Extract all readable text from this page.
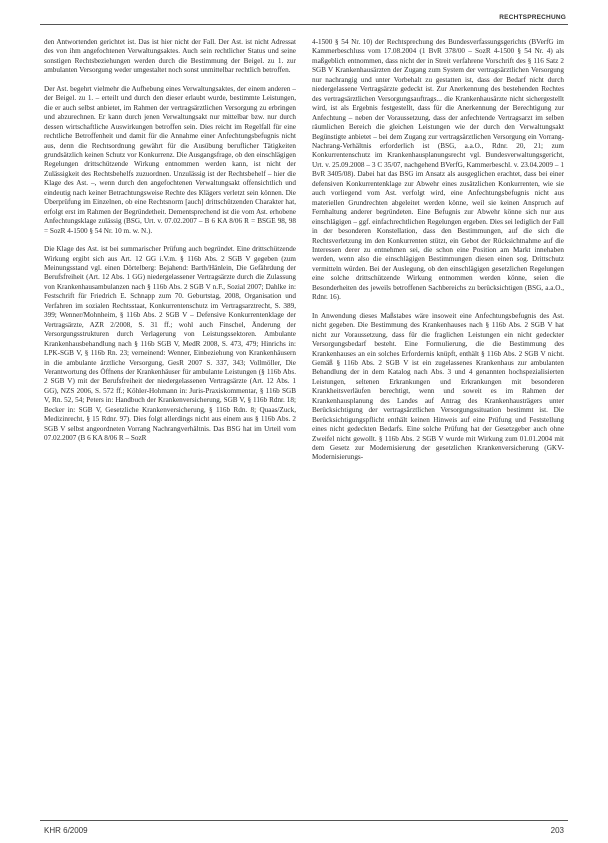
RECHTSPRECHUNG

den Antwortenden gerichtet ist. Das ist hier nicht der Fall. Der Ast. ist nicht Adressat des von ihm angefochtenen Verwaltungsaktes. Auch sein rechtlicher Status und seine sonstigen Rechtsbeziehungen werden durch die Bestimmung der Beigel. zu 1. zur ambulanten Versorgung weder umgestaltet noch sonst unmittelbar rechtlich betroffen.

Der Ast. begehrt vielmehr die Aufhebung eines Verwaltungsaktes, der einem anderen – der Beigel. zu 1. – erteilt und durch den dieser erlaubt wurde, bestimmte Leistungen, die er auch selbst anbietet, im Rahmen der vertragsärztlichen Versorgung zu erbringen und abzurechnen. Er kann durch jenen Verwaltungsakt nur mittelbar bzw. nur durch dessen wirtschaftliche Auswirkungen betroffen sein. Dies reicht im Regelfall für eine rechtliche Betroffenheit und damit für die Annahme einer Anfechtungsbefugnis nicht aus, denn die Rechtsordnung gewährt für die Ausübung beruflicher Tätigkeiten grundsätzlich keinen Schutz vor Konkurrenz. Die Ausgangsfrage, ob den einschlägigen Regelungen drittschützende Wirkung entnommen werden kann, ist nicht der Zulässigkeit des Rechtsbehelfs zuzuordnen. Unzulässig ist der Rechtsbehelf – hier die Klage des Ast. –, wenn durch den angefochtenen Verwaltungsakt offensichtlich und eindeutig nach keiner Betrachtungsweise Rechte des Klägers verletzt sein können. Die Überprüfung im Einzelnen, ob eine Rechtsnorm [auch] drittschützenden Charakter hat, erfolgt erst im Rahmen der Begründetheit. Dementsprechend ist die vom Ast. erhobene Anfechtungsklage zulässig (BSG, Urt. v. 07.02.2007 – B 6 KA 8/06 R = BSGE 98, 98 = SozR 4-1500 § 54 Nr. 10 m. w. N.).

Die Klage des Ast. ist bei summarischer Prüfung auch begründet. Eine drittschützende Wirkung ergibt sich aus Art. 12 GG i.V.m. § 116b Abs. 2 SGB V gegeben (zum Meinungsstand vgl. einen Dörtelberg: Bejahend: Barth/Hänlein, Die Gefährdung der Berufsfreiheit (Art. 12 Abs. 1 GG) niedergelassener Vertragsärzte durch die Zulassung von Krankenhausambulanzen nach § 116b Abs. 2 SGB V n.F., Sozial 2007; Dahlke in: Festschrift für Friedrich E. Schnapp zum 70. Geburtstag, 2008, Organisation und Verfahren im sozialen Rechtsstaat, Konkurrentenschutz im Vertragsarztrecht, S. 389, 399; Wenner/Mohnheim, § 116b Abs. 2 SGB V – Defensive Konkurrentenklage der Vertragsärzte, AZR 2/2008, S. 31 ff.; wohl auch Finschel, Änderung der Versorgungsstrukturen durch Verlagerung von Leistungssektoren. Ambulante Krankenhausbehandlung nach § 116b SGB V, MedR 2008, S. 473, 479; Hinrichs in: LPK-SGB V, § 116b Rn. 23; verneinend: Wenner, Einbeziehung von Krankenhäusern in die ambulante ärztliche Versorgung, GesR 2007 S. 337, 343; Vollmöller, Die Verantwortung des Öffnens der Krankenhäuser für ambulante Leistungen (§ 116b Abs. 2 SGB V) mit der Berufsfreiheit der niedergelassenen Vertragsärzte (Art. 12 Abs. 1 GG), NZS 2006, S. 572 ff.; Köhler-Hohmann in: Juris-Praxiskommentar, § 116b SGB V, Rn. 52, 54; Peters in: Handbuch der Krankenversicherung, SGB V, § 116b Rdnr. 18; Becker in: SGB V, Gesetzliche Krankenversicherung, § 116b Rdn. 8; Quaas/Zuck, Medizinrecht, § 15 Rdnr. 97). Dies folgt allerdings nicht aus einem aus § 116b Abs. 2 SGB V selbst angeordneten Vorrang Nachrangverhältnis. Das BSG hat im Urteil vom 07.02.2007 (B 6 KA 8/06 R – SozR

4-1500 § 54 Nr. 10) der Rechtsprechung des Bundesverfassungsgerichts (BVerfG im Kammerbeschluss vom 17.08.2004 (1 BvR 378/00 – SozR 4-1500 § 54 Nr. 4) als maßgeblich entnommen, dass nicht der in Streit verfahrene Vorschrift des § 116 Satz 2 SGB V Krankenhausärzten der Zugang zum System der vertragsärztlichen Versorgung nur nachrangig und unter Vorbehalt zu gestatten ist, dass der Bedarf nicht durch niedergelassene Vertragsärzte gedeckt ist. Zur Anerkennung des bestehenden Rechtes des vertragsärztlichen Versorgungsauftrags... die Krankenhausärzte nicht sichergestellt wird, ist als Ergebnis festgestellt, dass für die Anerkennung der Berechtigung zur Anfechtung – neben der Voraussetzung, dass der anfechtende Vertragsarzt im selben räumlichen Bereich die gleichen Leistungen wie der durch den Verwaltungsakt Begünstigte anbietet – bei dem Zugang zur vertragsärztlichen Versorgung ein Vorrang-Nachrang-Verhältnis erforderlich ist (BSG, a.a.O., Rdnr. 20, 21; zum Konkurrentenschutz im Krankenhausplanungsrecht vgl. Bundesverwaltungsgericht, Urt. v. 25.09.2008 – 3 C 35/07, nachgehend BVerfG, Kammerbeschl. v. 23.04.2009 – 1 BvR 3405/08). Dabei hat das BSG im Ansatz als ausgeglichen erachtet, dass bei einer defensiven Konkurrentenklage zur Abwehr eines zusätzlichen Konkurrenten, wie sie auch vorliegend vom Ast. verfolgt wird, eine Anfechtungsbefugnis nicht aus materiellen Grundrechten abgeleitet werden könne, weil sie keinen Anspruch auf Fernhaltung anderer begründeten. Eine Befugnis zur Abwehr könne sich nur aus einschlägigen – ggf. einfachrechtlichen Regelungen ergeben. Dies sei lediglich der Fall in der besonderen Konstellation, dass den Bestimmungen, auf die sich die Rechtsverletzung im den Konkurrenten stützt, ein Gebot der Rücksichtnahme auf die Interessen derer zu entnehmen sei, die schon eine Position am Markt innehaben werden, wenn also die einschlägigen Bestimmungen diesen einen sog. Drittschutz vermitteln würden. Bei der Auslegung, ob den einschlägigen gesetzlichen Regelungen eine solche drittschützende Wirkung entnommen werden könne, seien die Besonderheiten des jeweils betroffenen Sachbereichs zu berücksichtigen (BSG, a.a.O., Rdnr. 16).

In Anwendung dieses Maßstabes wäre insoweit eine Anfechtungsbefugnis des Ast. nicht gegeben. Die Bestimmung des Krankenhauses nach § 116b Abs. 2 SGB V hat nicht zur Voraussetzung, dass für die fraglichen Leistungen ein nicht gedeckter Versorgungsbedarf besteht. Eine Formulierung, die die Bestimmung des Krankenhauses an ein solches Erfordernis knüpft, enthält § 116b Abs. 2 SGB V nicht. Gemäß § 116b Abs. 2 SGB V ist ein zugelassenes Krankenhaus zur ambulanten Behandlung der in dem Katalog nach Abs. 3 und 4 genannten hochspezialisierten Leistungen, seltenen Erkrankungen und Erkrankungen mit besonderen Krankheitsverläufen berechtigt, wenn und soweit es im Rahmen der Krankenhausplanung des Landes auf Antrag des Krankenhausträgers unter Berücksichtigung der vertragsärztlichen Versorgungssituation bestimmt ist. Die Berücksichtigungspflicht enthält keinen Hinweis auf eine Prüfung und Feststellung eines nicht gedeckten Bedarfs. Eine solche Prüfung hat der Gesetzgeber auch ohne Zweifel nicht gewollt. § 116b Abs. 2 SGB V wurde mit Wirkung zum 01.01.2004 mit dem Gesetz zur Modernisierung der gesetzlichen Krankenversicherung (GKV-Modernisierungs-

KHR 6/2009	203
